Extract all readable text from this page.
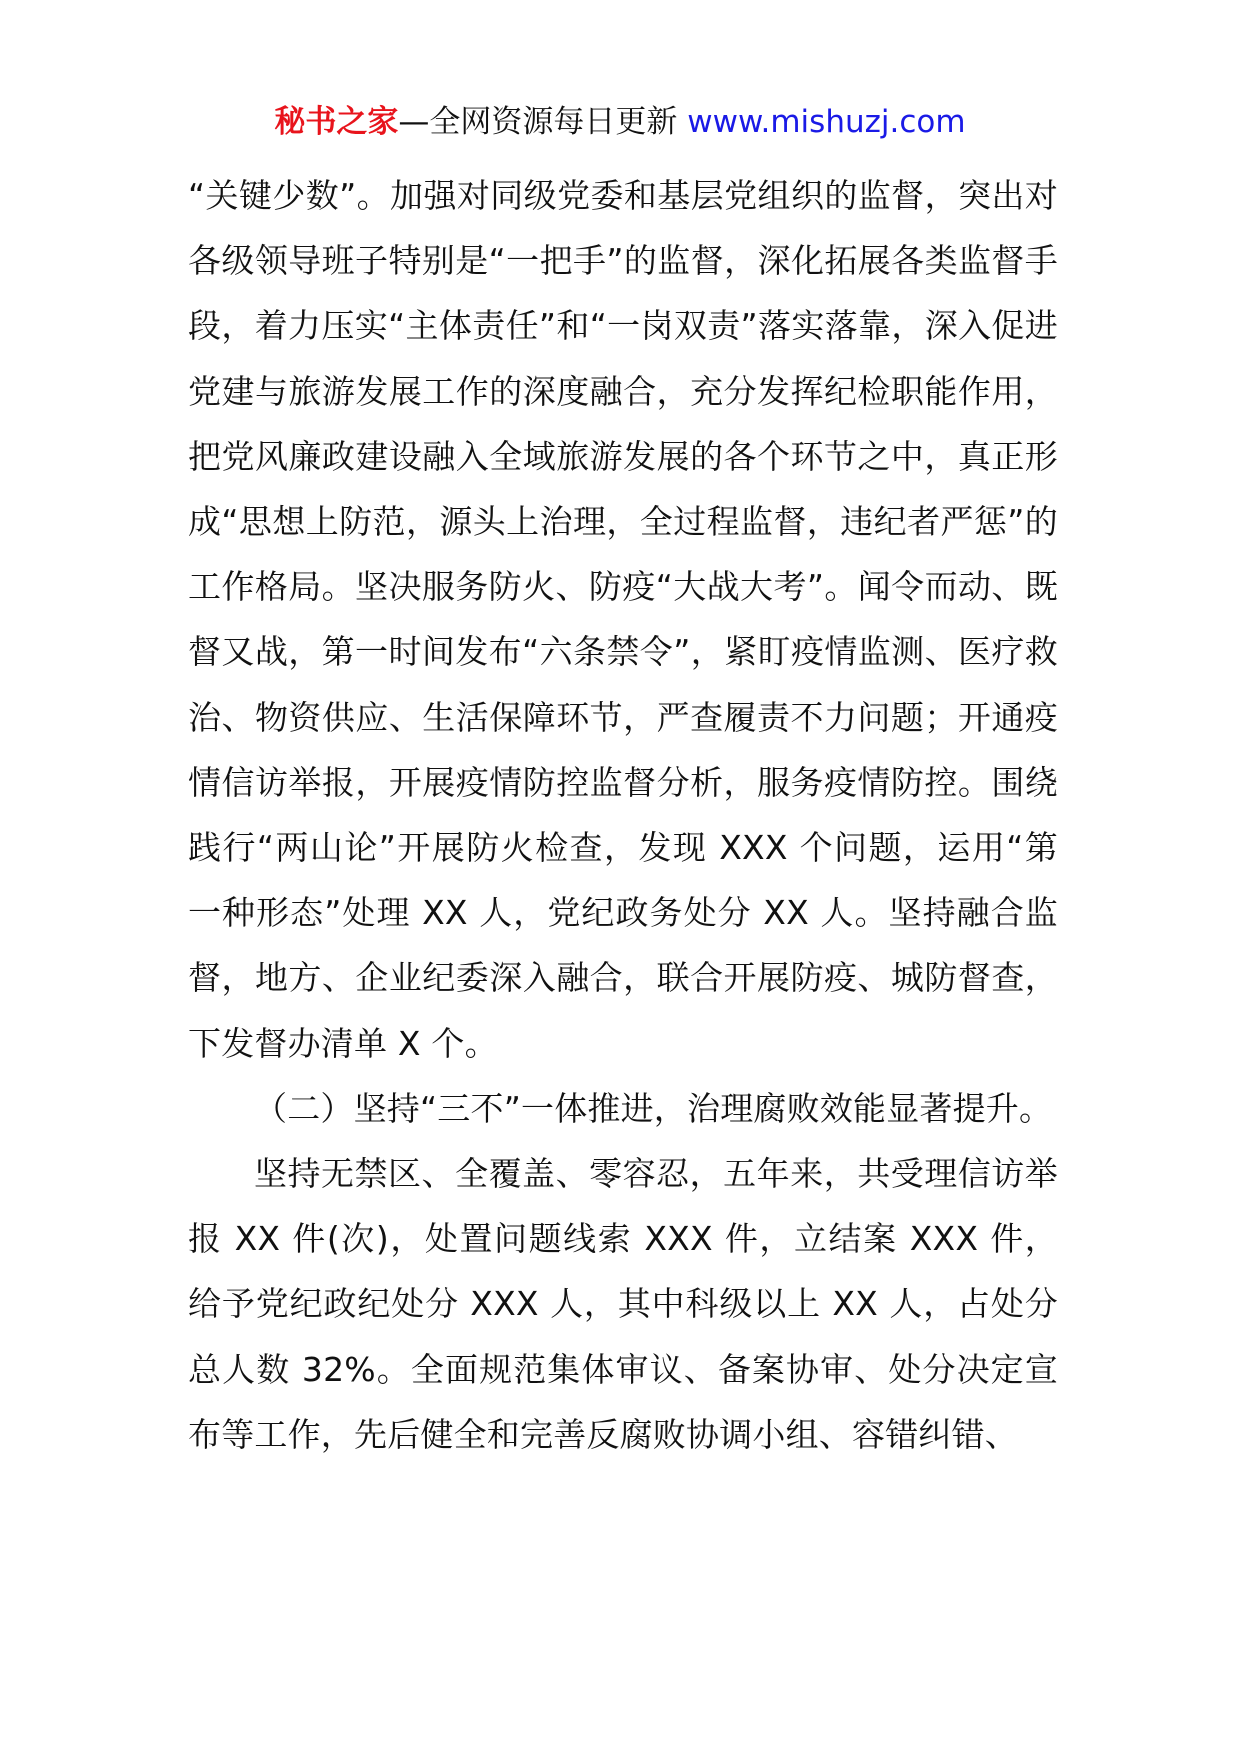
秘书之家—全网资源每日更新 www.mishuzj.com

“关键少数”。加强对同级党委和基层党组织的监督，突出对各级领导班子特别是“一把手”的监督，深化拓展各类监督手段，着力压实“主体责任”和“一岗双责”落实落靠，深入促进党建与旅游发展工作的深度融合，充分发挥纪检职能作用，把党风廉政建设融入全域旅游发展的各个环节之中，真正形成“思想上防范，源头上治理，全过程监督，违纪者严惩”的工作格局。坚决服务防火、防疫“大战大考”。闻令而动、既督又战，第一时间发布“六条禁令”，紧盯疫情监测、医疗救治、物资供应、生活保障环节，严查履责不力问题；开通疫情信访举报，开展疫情防控监督分析，服务疫情防控。围绕践行“两山论”开展防火检查，发现 XXX 个问题，运用“第一种形态”处理 XX 人，党纪政务处分 XX 人。坚持融合监督，地方、企业纪委深入融合，联合开展防疫、城防督查，下发督办清单 X 个。

（二）坚持“三不”一体推进，治理腐败效能显著提升。

坚持无禁区、全覆盖、零容忍，五年来，共受理信访举报 XX 件(次)，处置问题线索 XXX 件，立结案 XXX 件，给予党纪政纪处分 XXX 人，其中科级以上 XX 人，占处分总人数 32%。全面规范集体审议、备案协审、处分决定宣布等工作，先后健全和完善反腐败协调小组、容错纠错、
